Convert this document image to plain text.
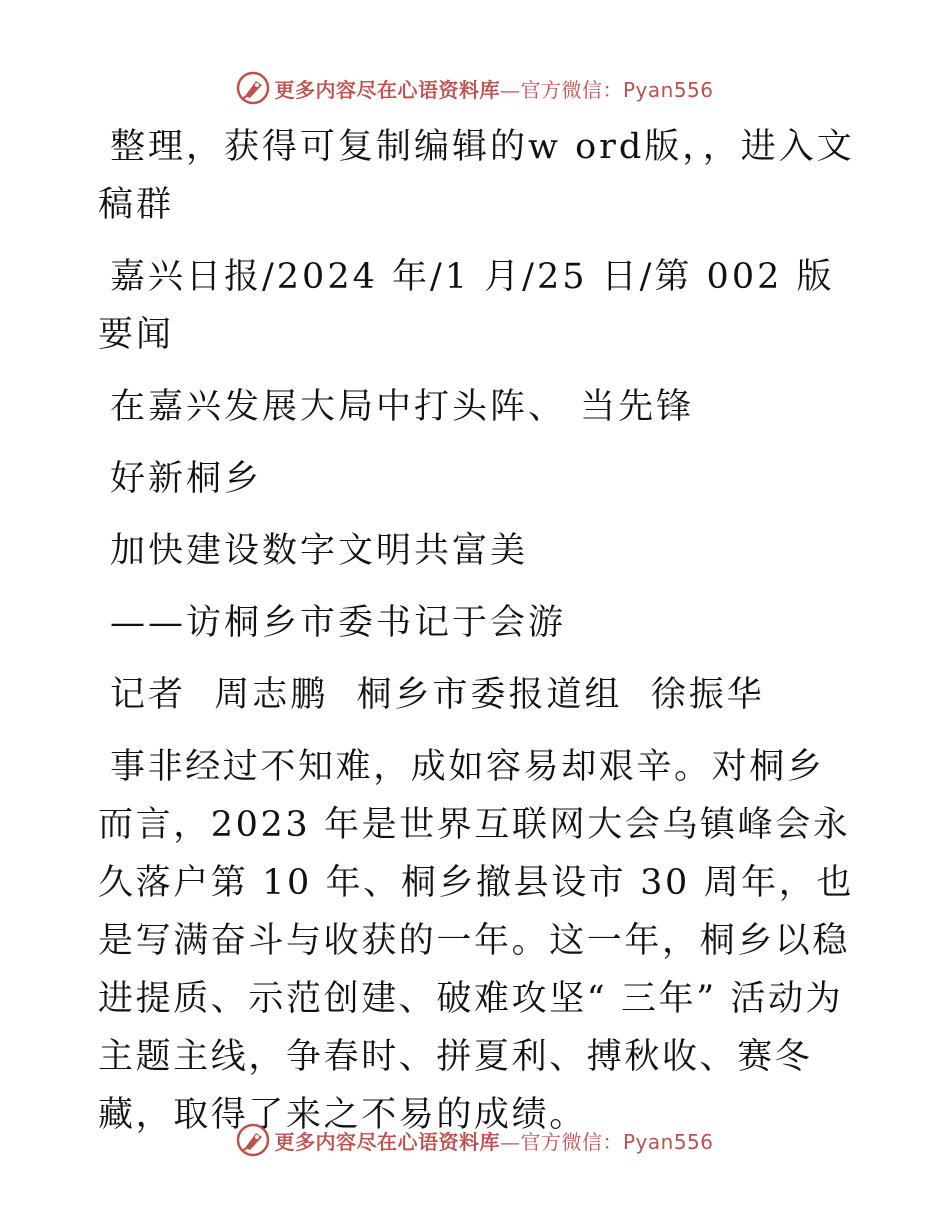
更多内容尽在心语资料库—官方微信：Pyan556

整理，获得可复制编辑的w ord版，，进入文稿群

嘉兴日报/2024 年/1 月/25 日/第 002 版要闻

在嘉兴发展大局中打头阵、 当先锋

好新桐乡

加快建设数字文明共富美

——访桐乡市委书记于会游

记者  周志鹏  桐乡市委报道组  徐振华

事非经过不知难，成如容易却艰辛。对桐乡而言，2023 年是世界互联网大会乌镇峰会永久落户第 10 年、桐乡撤县设市 30 周年，也是写满奋斗与收获的一年。这一年，桐乡以稳进提质、示范创建、破难攻坚“ 三年” 活动为主题主线，争春时、拼夏利、搏秋收、赛冬藏，取得了来之不易的成绩。

更多内容尽在心语资料库—官方微信：Pyan556
